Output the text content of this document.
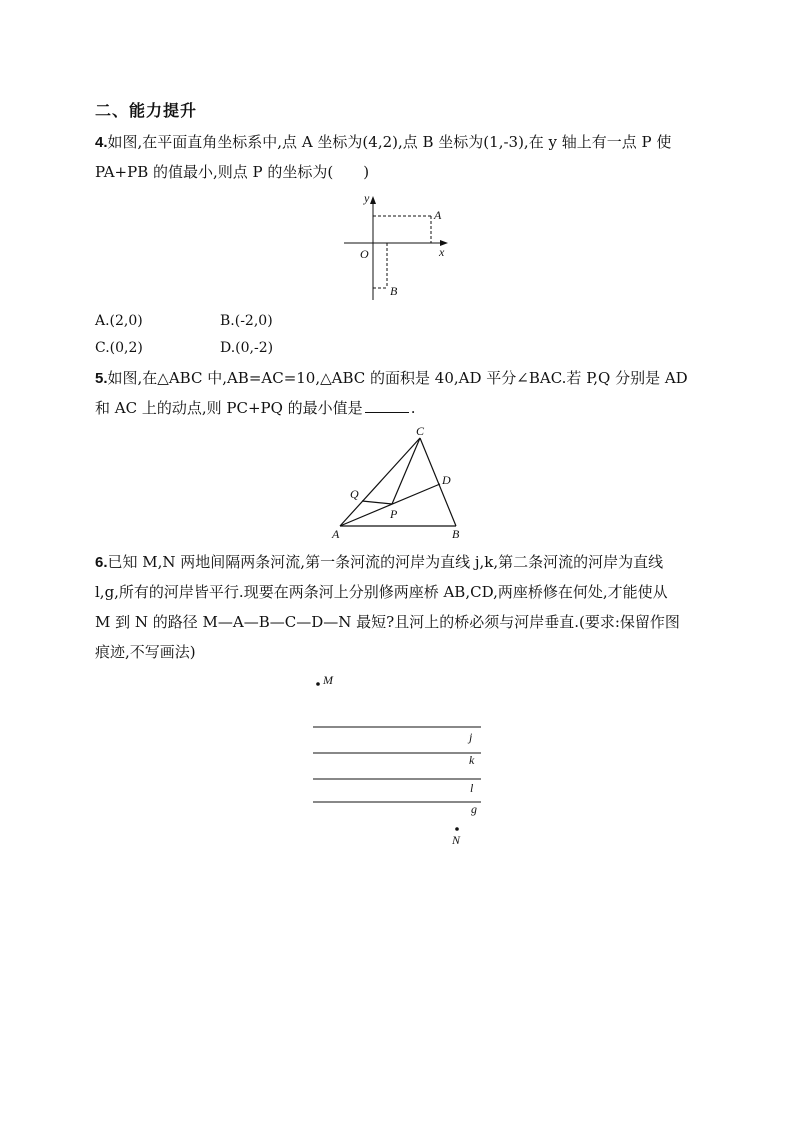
二、能力提升
4.如图,在平面直角坐标系中,点 A 坐标为(4,2),点 B 坐标为(1,-3),在 y 轴上有一点 P 使
PA+PB 的值最小,则点 P 的坐标为( )
y
x
O
A
B
A.(2,0)	B.(-2,0)
C.(0,2)	D.(0,-2)
5.如图,在△ABC 中,AB=AC=10,△ABC 的面积是 40,AD 平分∠BAC.若 P,Q 分别是 AD
和 AC 上的动点,则 PC+PQ 的最小值是	.
A	B
C
D
P
Q
6.已知 M,N 两地间隔两条河流,第一条河流的河岸为直线 j,k,第二条河流的河岸为直线
l,g,所有的河岸皆平行.现要在两条河上分别修两座桥 AB,CD,两座桥修在何处,才能使从
M 到 N 的路径 M—A—B—C—D—N 最短?且河上的桥必须与河岸垂直.(要求:保留作图
痕迹,不写画法)
M
j
k
l
g
N
